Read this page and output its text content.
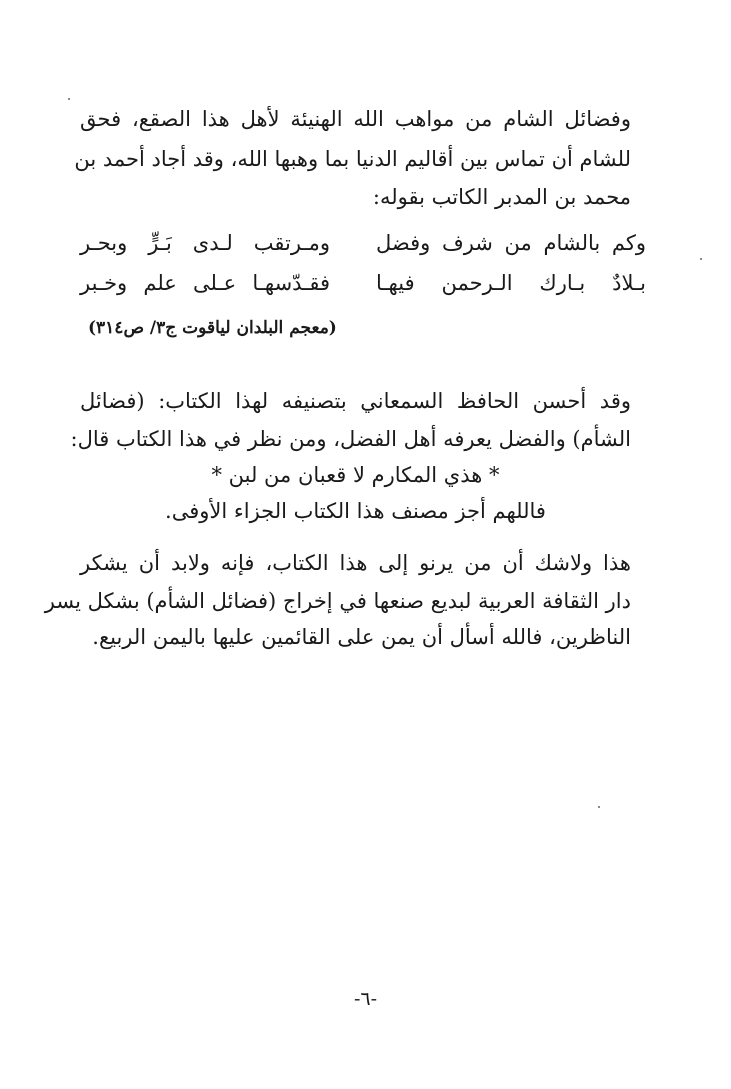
وفضائل الشام من مواهب الله الهنيئة لأهل هذا الصقع، فحق
للشام أن تماس بين أقاليم الدنيا بما وهبها الله، وقد أجاد أحمد بن
محمد بن المدبر الكاتب بقوله:
وكم بالشام من شرف وفضل
ومـرتقب لـدى بَـرٍّ وبحـر
بـلادٌ بـارك الـرحمن فيهـا
فقـدّسهـا عـلى علم وخـبر
(معجم البلدان لياقوت ج٣/ ص٣١٤)
وقد أحسن الحافظ السمعاني بتصنيفه لهذا الكتاب: (فضائل
الشأم) والفضل يعرفه أهل الفضل، ومن نظر في هذا الكتاب قال:
* هذي المكارم لا قعبان من لبن *
فاللهم أجز مصنف هذا الكتاب الجزاء الأوفى.
هذا ولاشك أن من يرنو إلى هذا الكتاب، فإنه ولابد أن يشكر
دار الثقافة العربية لبديع صنعها في إخراج (فضائل الشأم) بشكل يسر
الناظرين، فالله أسأل أن يمن على القائمين عليها باليمن الربيع.
-٦-
